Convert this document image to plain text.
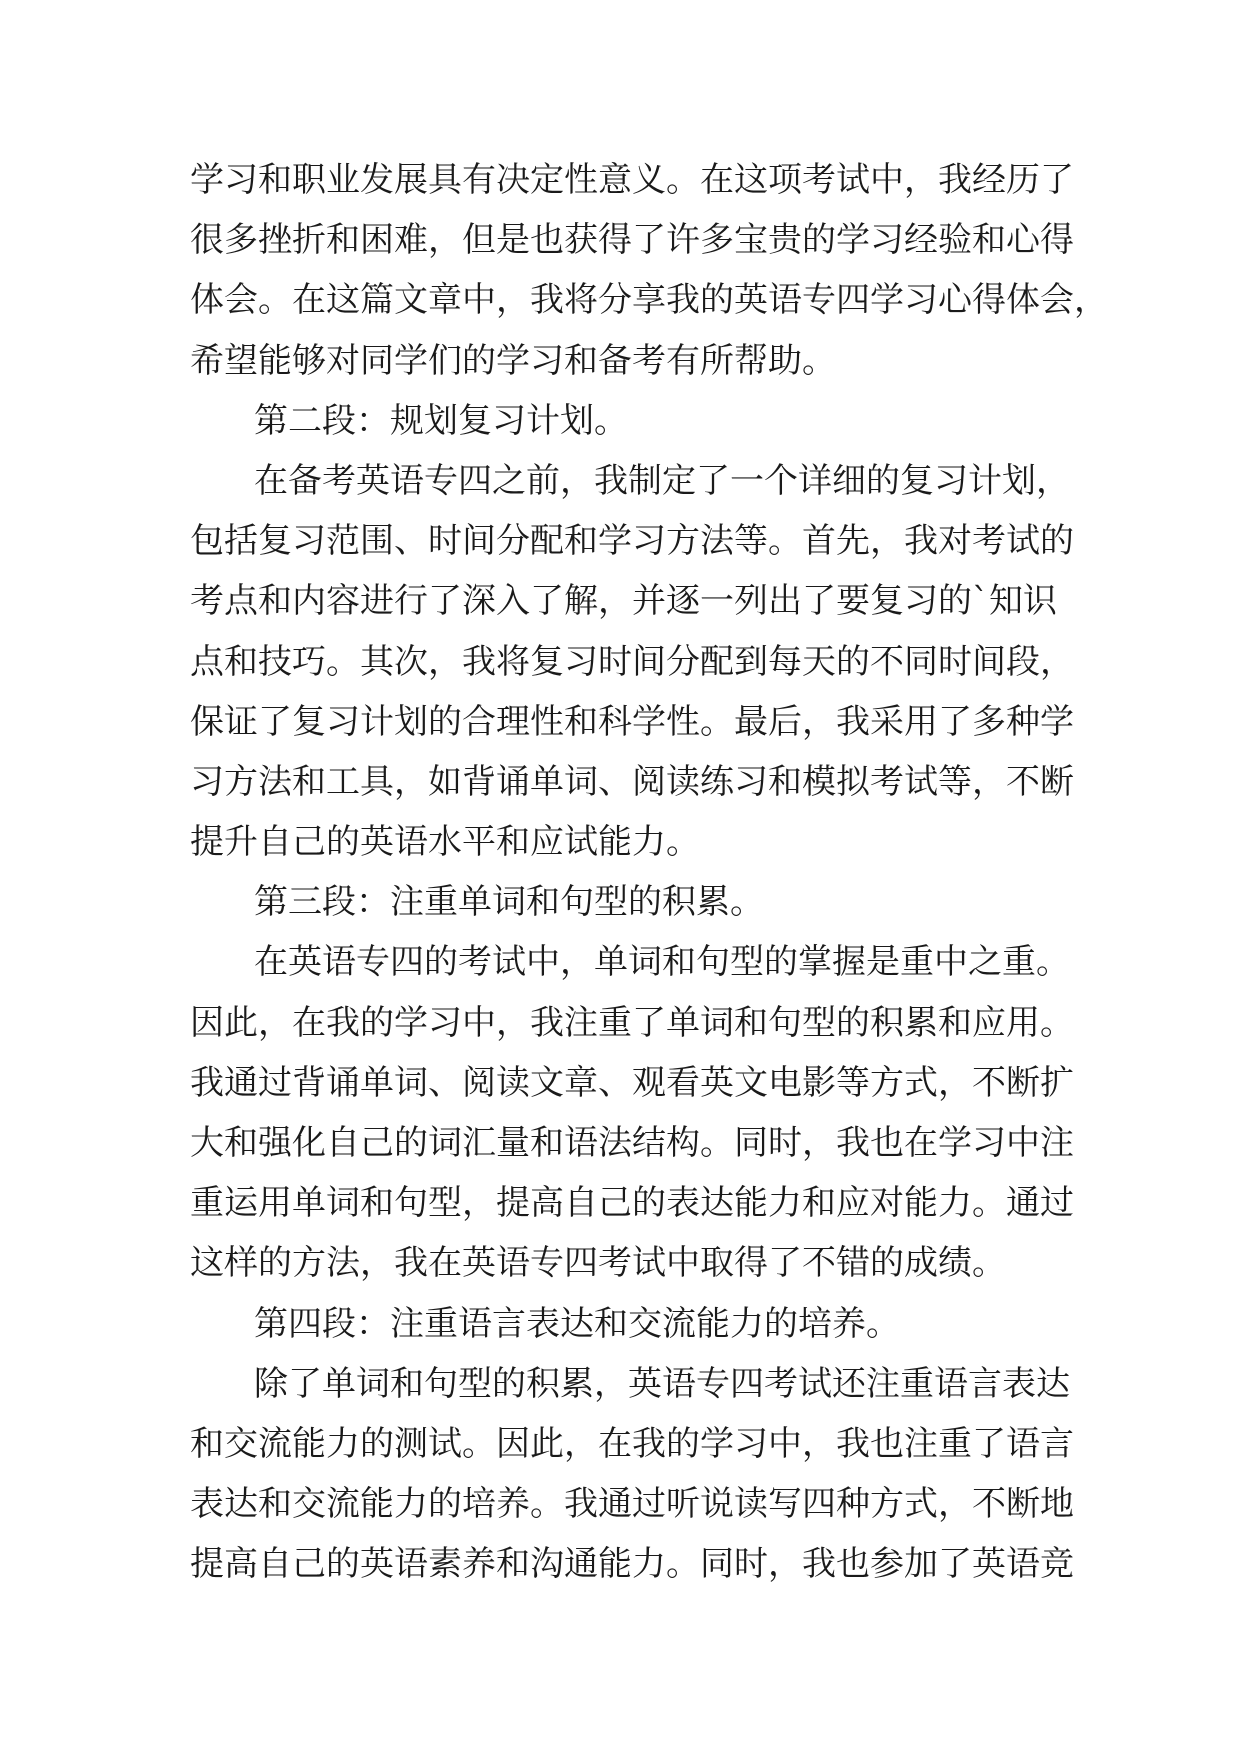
学习和职业发展具有决定性意义。在这项考试中，我经历了
很多挫折和困难，但是也获得了许多宝贵的学习经验和心得
体会。在这篇文章中，我将分享我的英语专四学习心得体会，
希望能够对同学们的学习和备考有所帮助。
第二段：规划复习计划。
在备考英语专四之前，我制定了一个详细的复习计划，
包括复习范围、时间分配和学习方法等。首先，我对考试的
考点和内容进行了深入了解，并逐一列出了要复习的`知识
点和技巧。其次，我将复习时间分配到每天的不同时间段，
保证了复习计划的合理性和科学性。最后，我采用了多种学
习方法和工具，如背诵单词、阅读练习和模拟考试等，不断
提升自己的英语水平和应试能力。
第三段：注重单词和句型的积累。
在英语专四的考试中，单词和句型的掌握是重中之重。
因此，在我的学习中，我注重了单词和句型的积累和应用。
我通过背诵单词、阅读文章、观看英文电影等方式，不断扩
大和强化自己的词汇量和语法结构。同时，我也在学习中注
重运用单词和句型，提高自己的表达能力和应对能力。通过
这样的方法，我在英语专四考试中取得了不错的成绩。
第四段：注重语言表达和交流能力的培养。
除了单词和句型的积累，英语专四考试还注重语言表达
和交流能力的测试。因此，在我的学习中，我也注重了语言
表达和交流能力的培养。我通过听说读写四种方式，不断地
提高自己的英语素养和沟通能力。同时，我也参加了英语竞
